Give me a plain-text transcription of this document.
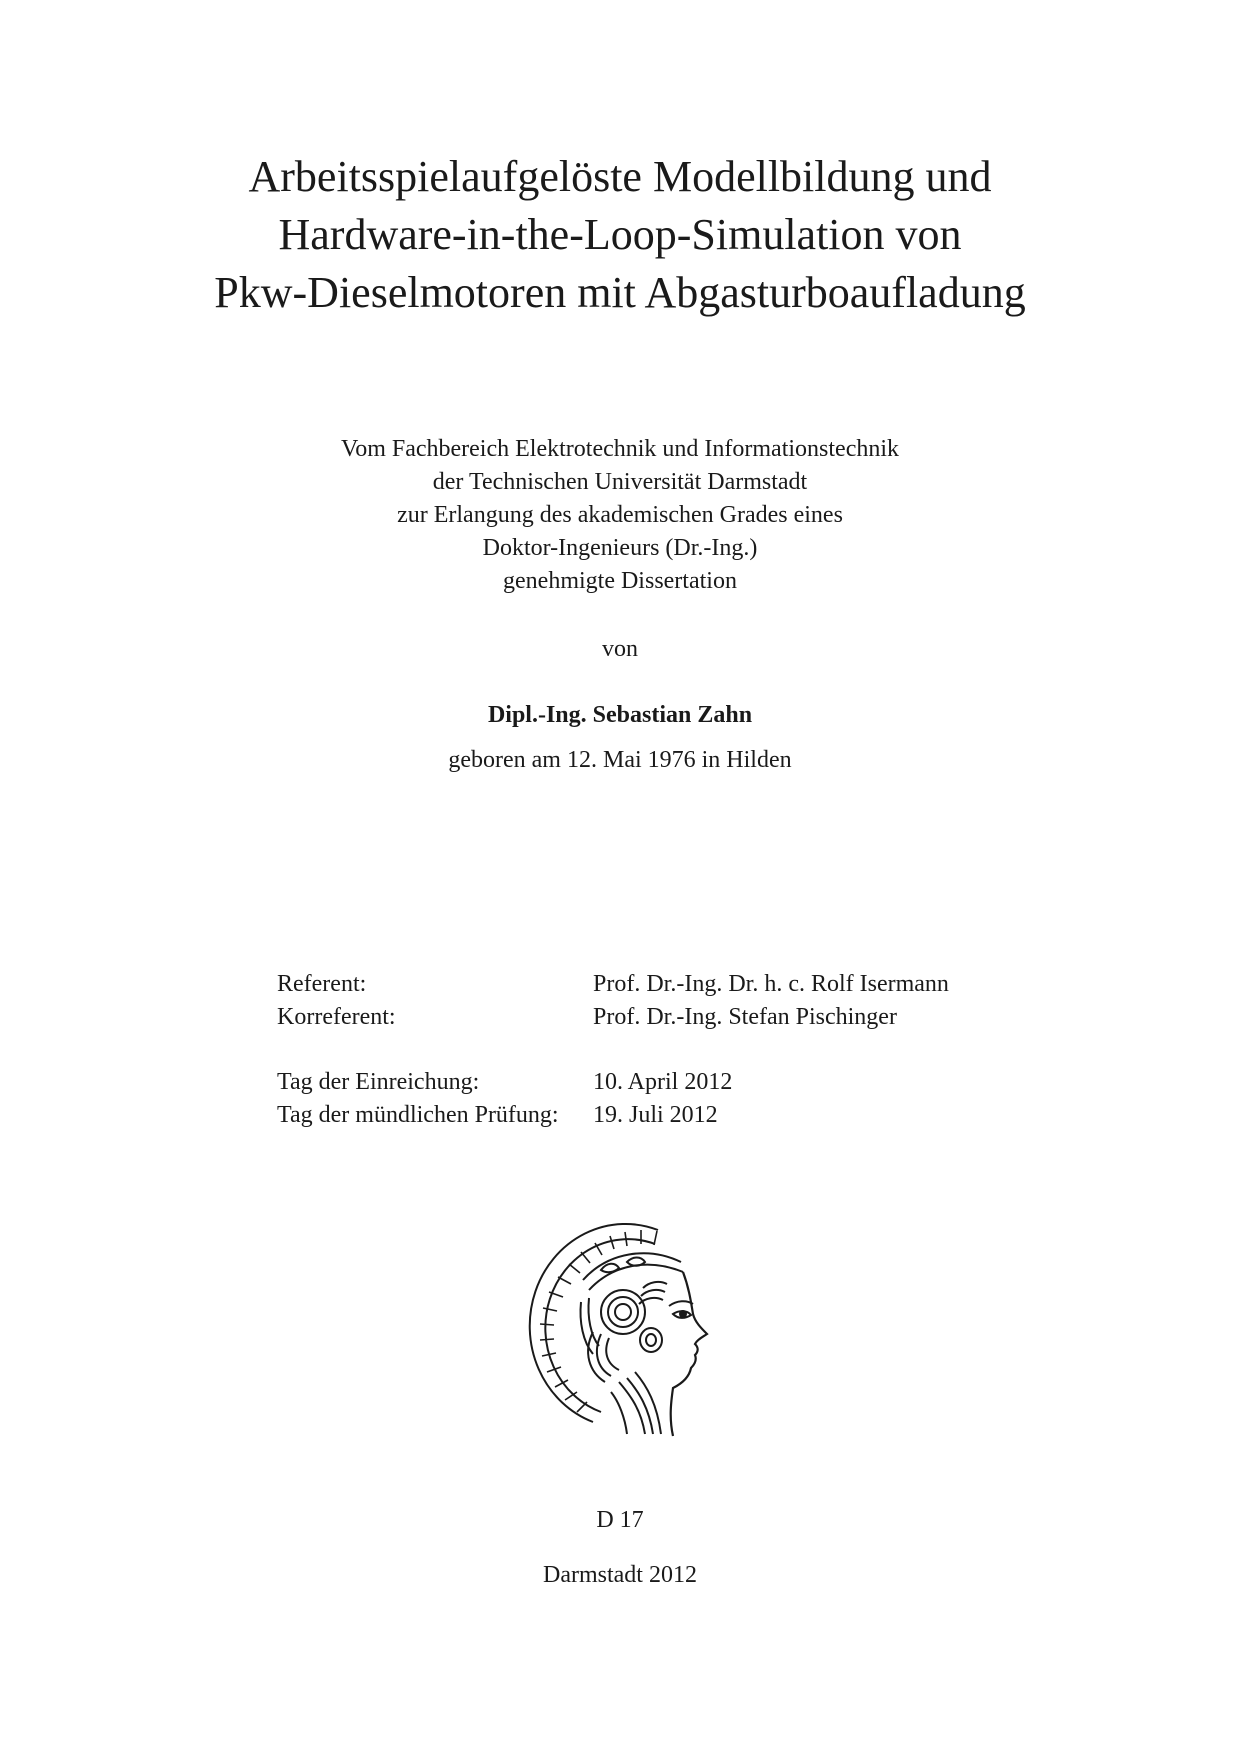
Arbeitsspielaufgelöste Modellbildung und
Hardware-in-the-Loop-Simulation von
Pkw-Dieselmotoren mit Abgasturboaufladung
Vom Fachbereich Elektrotechnik und Informationstechnik
der Technischen Universität Darmstadt
zur Erlangung des akademischen Grades eines
Doktor-Ingenieurs (Dr.-Ing.)
genehmigte Dissertation
von
Dipl.-Ing. Sebastian Zahn
geboren am 12. Mai 1976 in Hilden
Referent:	Prof. Dr.-Ing. Dr. h. c. Rolf Isermann
Korreferent:	Prof. Dr.-Ing. Stefan Pischinger
Tag der Einreichung:	10. April 2012
Tag der mündlichen Prüfung:	19. Juli 2012
D 17
Darmstadt 2012
